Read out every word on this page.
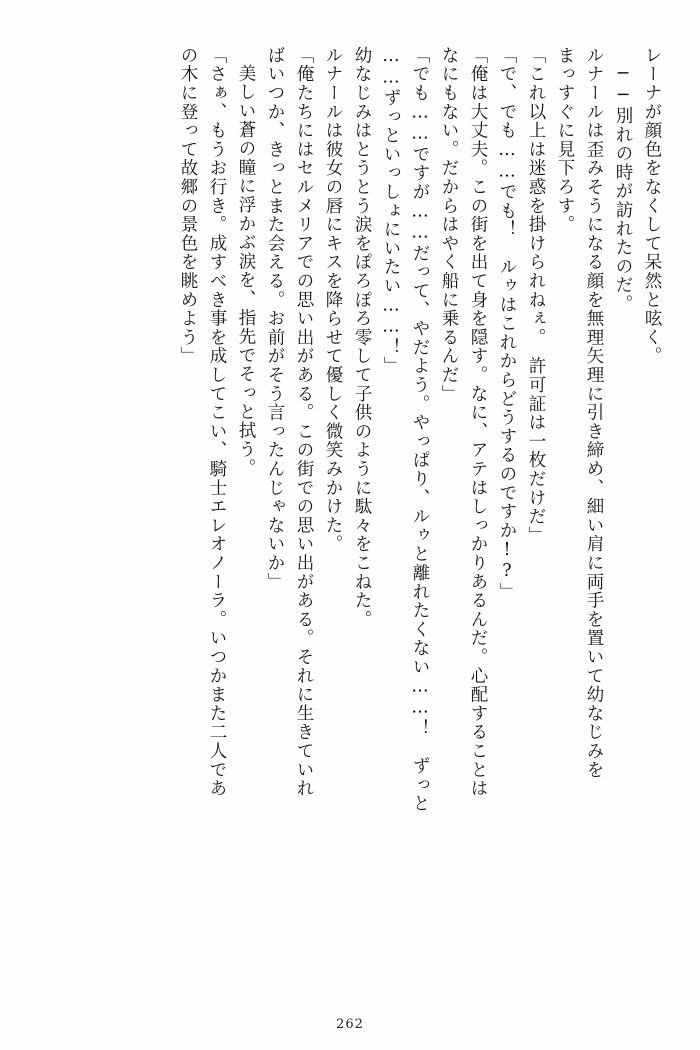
レーナが顔色をなくして呆然と呟く。
──別れの時が訪れたのだ。
ルナールは歪みそうになる顔を無理矢理に引き締め、細い肩に両手を置いて幼なじみを
まっすぐに見下ろす。
「これ以上は迷惑を掛けられねぇ。　許可証は一枚だけだ」
「で、でも……でも！　ルゥはこれからどうするのですか!?」
「俺は大丈夫。この街を出て身を隠す。なに、アテはしっかりあるんだ。心配することは
なにもない。だからはやく船に乗るんだ」
「でも……ですが……だって、やだよう。やっぱり、ルゥと離れたくない……！　ずっと
……ずっといっしょにいたい……！」
幼なじみはとうとう涙をぽろぽろ零して子供のように駄々をこねた。
ルナールは彼女の唇にキスを降らせて優しく微笑みかけた。
「俺たちにはセルメリアでの思い出がある。この街での思い出がある。それに生きていれ
ばいつか、きっとまた会える。お前がそう言ったんじゃないか」
美しい蒼の瞳に浮かぶ涙を、指先でそっと拭う。
「さぁ、もうお行き。成すべき事を成してこい、騎士エレオノーラ。いつかまた二人であ
の木に登って故郷の景色を眺めよう」
262
